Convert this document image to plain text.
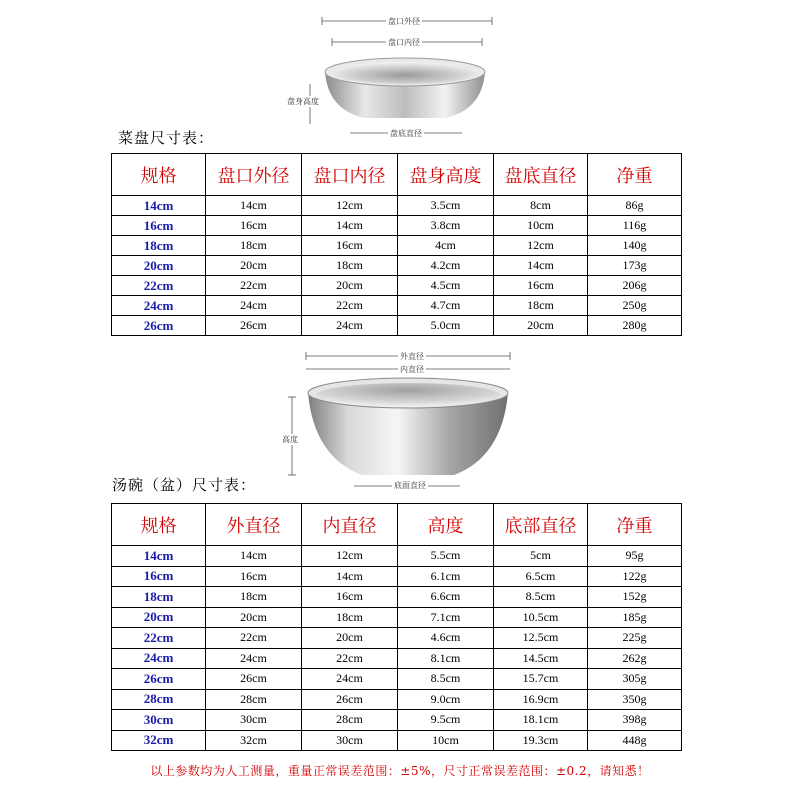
盘口外径
盘口内径
盘身高度
盘底直径
菜盘尺寸表：
规格	盘口外径	盘口内径	盘身高度	盘底直径	净重
14cm	14cm	12cm	3.5cm	8cm	86g
16cm	16cm	14cm	3.8cm	10cm	116g
18cm	18cm	16cm	4cm	12cm	140g
20cm	20cm	18cm	4.2cm	14cm	173g
22cm	22cm	20cm	4.5cm	16cm	206g
24cm	24cm	22cm	4.7cm	18cm	250g
26cm	26cm	24cm	5.0cm	20cm	280g
外直径
内直径
高度
底面直径
汤碗（盆）尺寸表：
规格	外直径	内直径	高度	底部直径	净重
14cm	14cm	12cm	5.5cm	5cm	95g
16cm	16cm	14cm	6.1cm	6.5cm	122g
18cm	18cm	16cm	6.6cm	8.5cm	152g
20cm	20cm	18cm	7.1cm	10.5cm	185g
22cm	22cm	20cm	4.6cm	12.5cm	225g
24cm	24cm	22cm	8.1cm	14.5cm	262g
26cm	26cm	24cm	8.5cm	15.7cm	305g
28cm	28cm	26cm	9.0cm	16.9cm	350g
30cm	30cm	28cm	9.5cm	18.1cm	398g
32cm	32cm	30cm	10cm	19.3cm	448g
以上参数均为人工测量，重量正常误差范围：±5%，尺寸正常误差范围：±0.2，请知悉！
